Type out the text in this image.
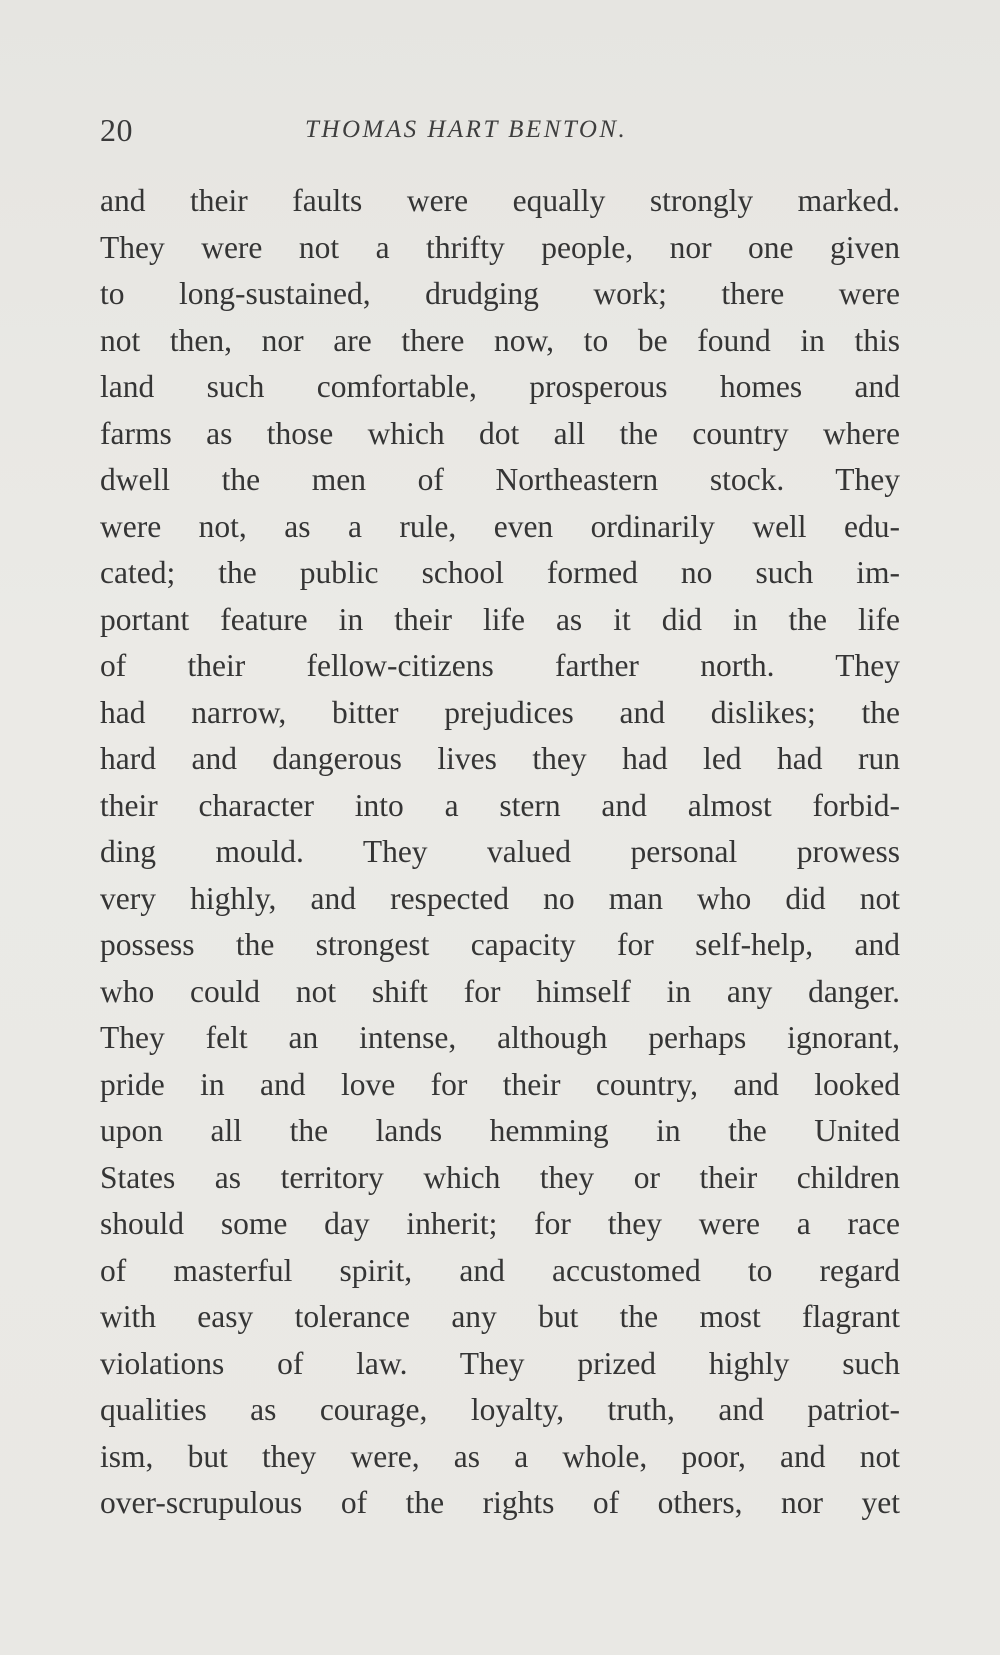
20	THOMAS HART BENTON.
and their faults were equally strongly marked.
They were not a thrifty people, nor one given
to long-sustained, drudging work; there were
not then, nor are there now, to be found in this
land such comfortable, prosperous homes and
farms as those which dot all the country where
dwell the men of Northeastern stock. They
were not, as a rule, even ordinarily well edu-
cated; the public school formed no such im-
portant feature in their life as it did in the life
of their fellow-citizens farther north. They
had narrow, bitter prejudices and dislikes; the
hard and dangerous lives they had led had run
their character into a stern and almost forbid-
ding mould. They valued personal prowess
very highly, and respected no man who did not
possess the strongest capacity for self-help, and
who could not shift for himself in any danger.
They felt an intense, although perhaps ignorant,
pride in and love for their country, and looked
upon all the lands hemming in the United
States as territory which they or their children
should some day inherit; for they were a race
of masterful spirit, and accustomed to regard
with easy tolerance any but the most flagrant
violations of law. They prized highly such
qualities as courage, loyalty, truth, and patriot-
ism, but they were, as a whole, poor, and not
over-scrupulous of the rights of others, nor yet
